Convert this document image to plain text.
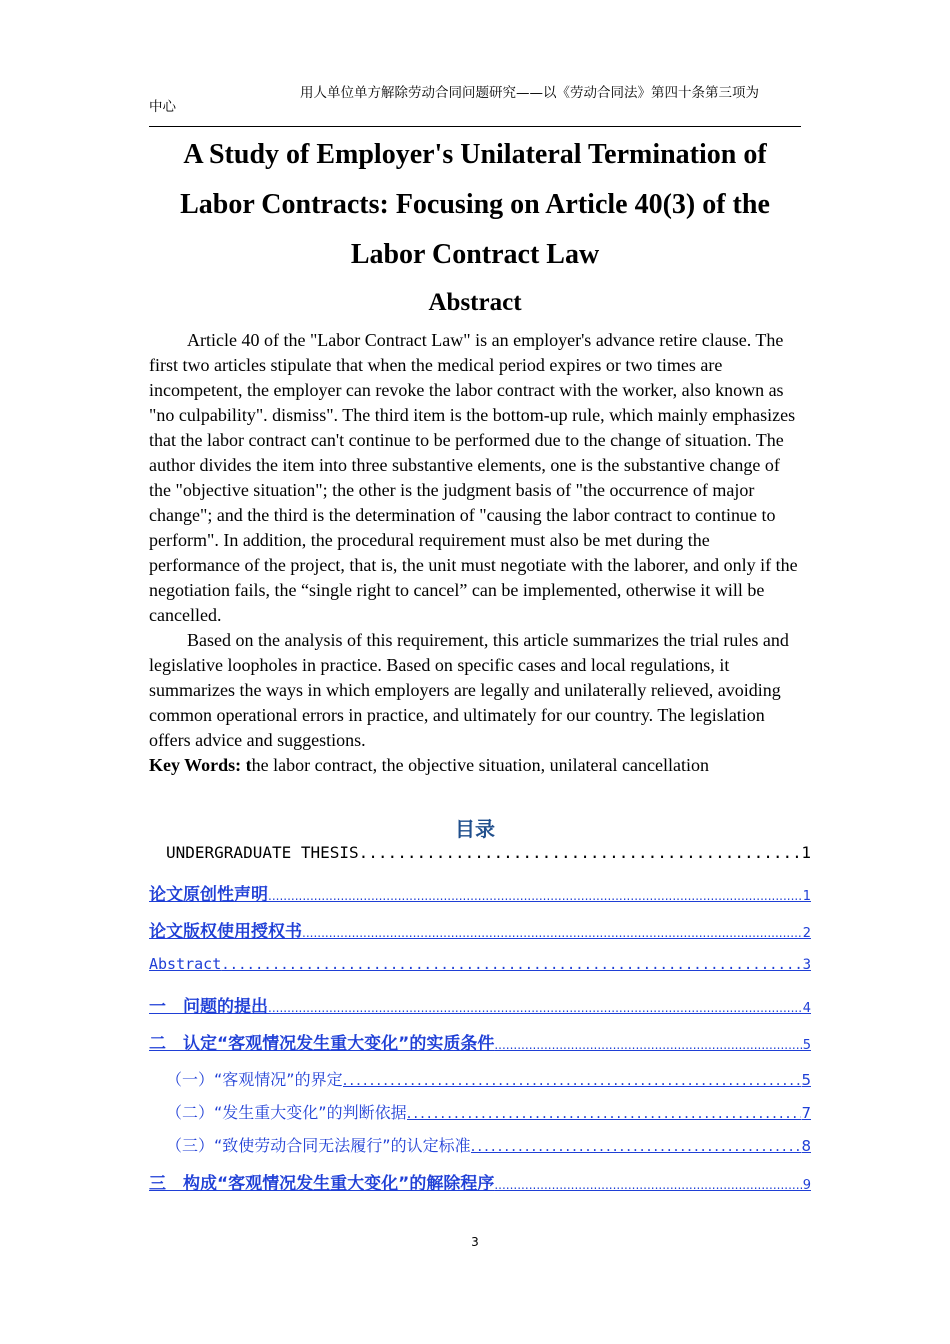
用人单位单方解除劳动合同问题研究——以《劳动合同法》第四十条第三项为
中心
A Study of Employer's Unilateral Termination of
Labor Contracts: Focusing on Article 40(3) of the
Labor Contract Law
Abstract

Article 40 of the "Labor Contract Law" is an employer's advance retire clause. The first two articles stipulate that when the medical period expires or two times are incompetent, the employer can revoke the labor contract with the worker, also known as "no culpability". dismiss". The third item is the bottom-up rule, which mainly emphasizes that the labor contract can't continue to be performed due to the change of situation. The author divides the item into three substantive elements, one is the substantive change of the "objective situation"; the other is the judgment basis of "the occurrence of major change"; and the third is the determination of "causing the labor contract to continue to perform". In addition, the procedural requirement must also be met during the performance of the project, that is, the unit must negotiate with the laborer, and only if the negotiation fails, the “single right to cancel” can be implemented, otherwise it will be cancelled.

Based on the analysis of this requirement, this article summarizes the trial rules and legislative loopholes in practice. Based on specific cases and local regulations, it summarizes the ways in which employers are legally and unilaterally relieved, avoiding common operational errors in practice, and ultimately for our country. The legislation offers advice and suggestions.

Key Words: the labor contract, the objective situation, unilateral cancellation

目录
UNDERGRADUATE THESIS .....	1
论文原创性声明 .....	1
论文版权使用授权书 .....	2
Abstract .....	3
一　问题的提出 .....	4
二　认定“客观情况发生重大变化”的实质条件 .....	5
（一）“客观情况”的界定 .....	5
（二）“发生重大变化”的判断依据 .....	7
（三）“致使劳动合同无法履行”的认定标准 .....	8
三　构成“客观情况发生重大变化”的解除程序 .....	9
3
